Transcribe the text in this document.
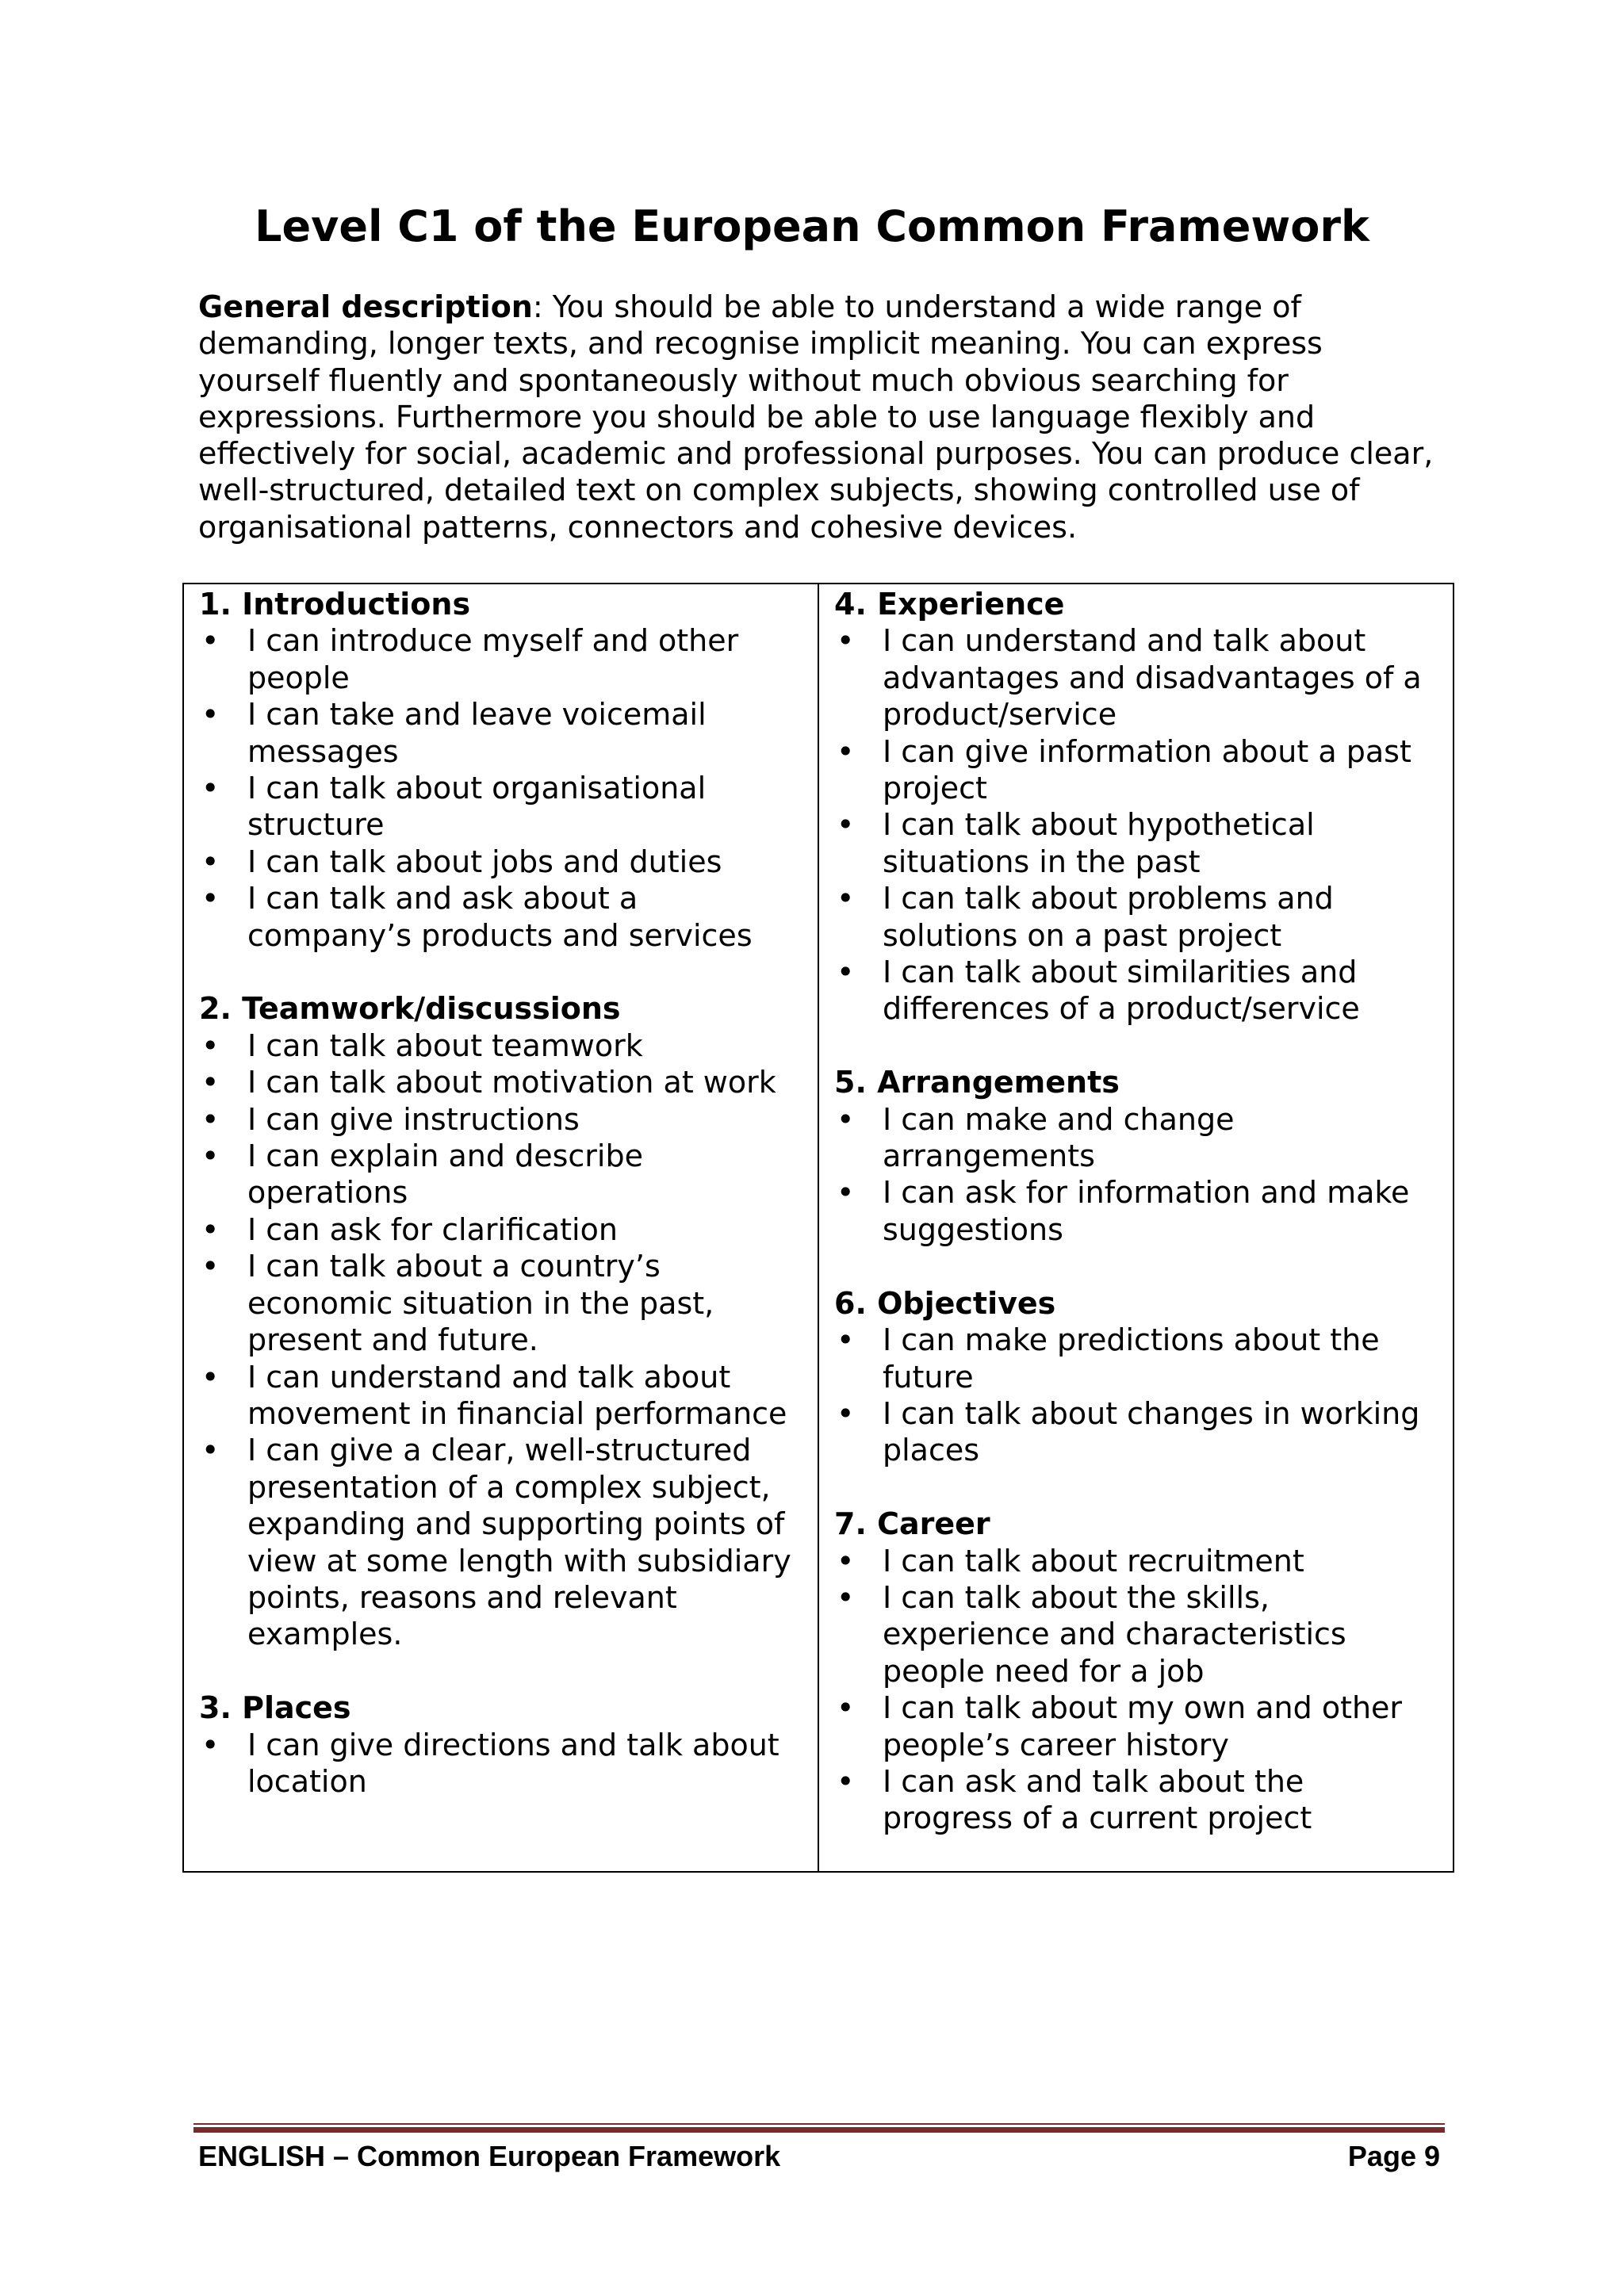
Level C1 of the European Common Framework

General description: You should be able to understand a wide range of demanding, longer texts, and recognise implicit meaning. You can express yourself fluently and spontaneously without much obvious searching for expressions. Furthermore you should be able to use language flexibly and effectively for social, academic and professional purposes. You can produce clear, well-structured, detailed text on complex subjects, showing controlled use of organisational patterns, connectors and cohesive devices.

1. Introductions

• I can introduce myself and other people
• I can take and leave voicemail messages
• I can talk about organisational structure
• I can talk about jobs and duties
• I can talk and ask about a company’s products and services

2. Teamwork/discussions

• I can talk about teamwork
• I can talk about motivation at work
• I can give instructions
• I can explain and describe operations
• I can ask for clarification
• I can talk about a country’s economic situation in the past, present and future.
• I can understand and talk about movement in financial performance
• I can give a clear, well-structured presentation of a complex subject, expanding and supporting points of view at some length with subsidiary points, reasons and relevant examples.

3. Places

• I can give directions and talk about location

4. Experience

• I can understand and talk about advantages and disadvantages of a product/service
• I can give information about a past project
• I can talk about hypothetical situations in the past
• I can talk about problems and solutions on a past project
• I can talk about similarities and differences of a product/service

5. Arrangements

• I can make and change arrangements
• I can ask for information and make suggestions

6. Objectives

• I can make predictions about the future
• I can talk about changes in working places

7. Career

• I can talk about recruitment
• I can talk about the skills, experience and characteristics people need for a job
• I can talk about my own and other people’s career history
• I can ask and talk about the progress of a current project
ENGLISH – Common European Framework	Page 9
